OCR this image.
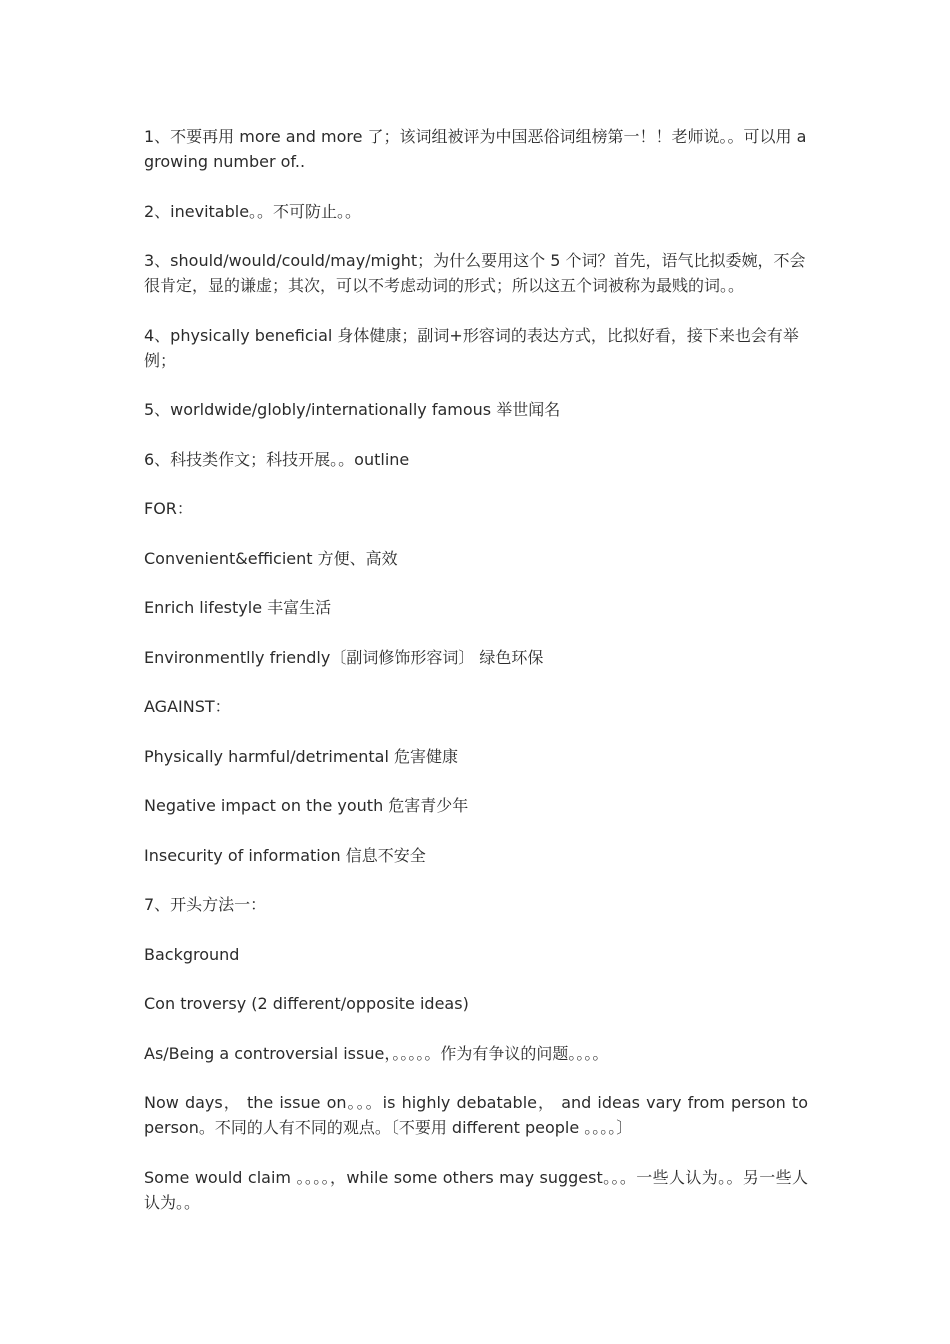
1、不要再用 more and more 了；该词组被评为中国恶俗词组榜第一！！老师说。。可以用 a growing number of..

2、inevitable。。不可防止。。

3、should/would/could/may/might；为什么要用这个 5 个词？首先，语气比拟委婉，不会很肯定，显的谦虚；其次，可以不考虑动词的形式；所以这五个词被称为最贱的词。。

4、physically beneficial 身体健康；副词+形容词的表达方式，比拟好看，接下来也会有举例；

5、worldwide/globly/internationally famous 举世闻名

6、科技类作文；科技开展。。outline

FOR：

Convenient&efficient 方便、高效

Enrich lifestyle 丰富生活

Environmentlly friendly〔副词修饰形容词〕 绿色环保

AGAINST：

Physically harmful/detrimental 危害健康

Negative impact on the youth 危害青少年

Insecurity of information 信息不安全

7、开头方法一：

Background

Con troversy (2 different/opposite ideas)

As/Being a controversial issue，。。。。。作为有争议的问题。。。。

Now days， the issue on。。。is highly debatable， and ideas vary from person to person。不同的人有不同的观点。〔不要用 different people 。。。。〕

Some would claim 。。。。，while some others may suggest。。。一些人认为。。另一些人认为。。
